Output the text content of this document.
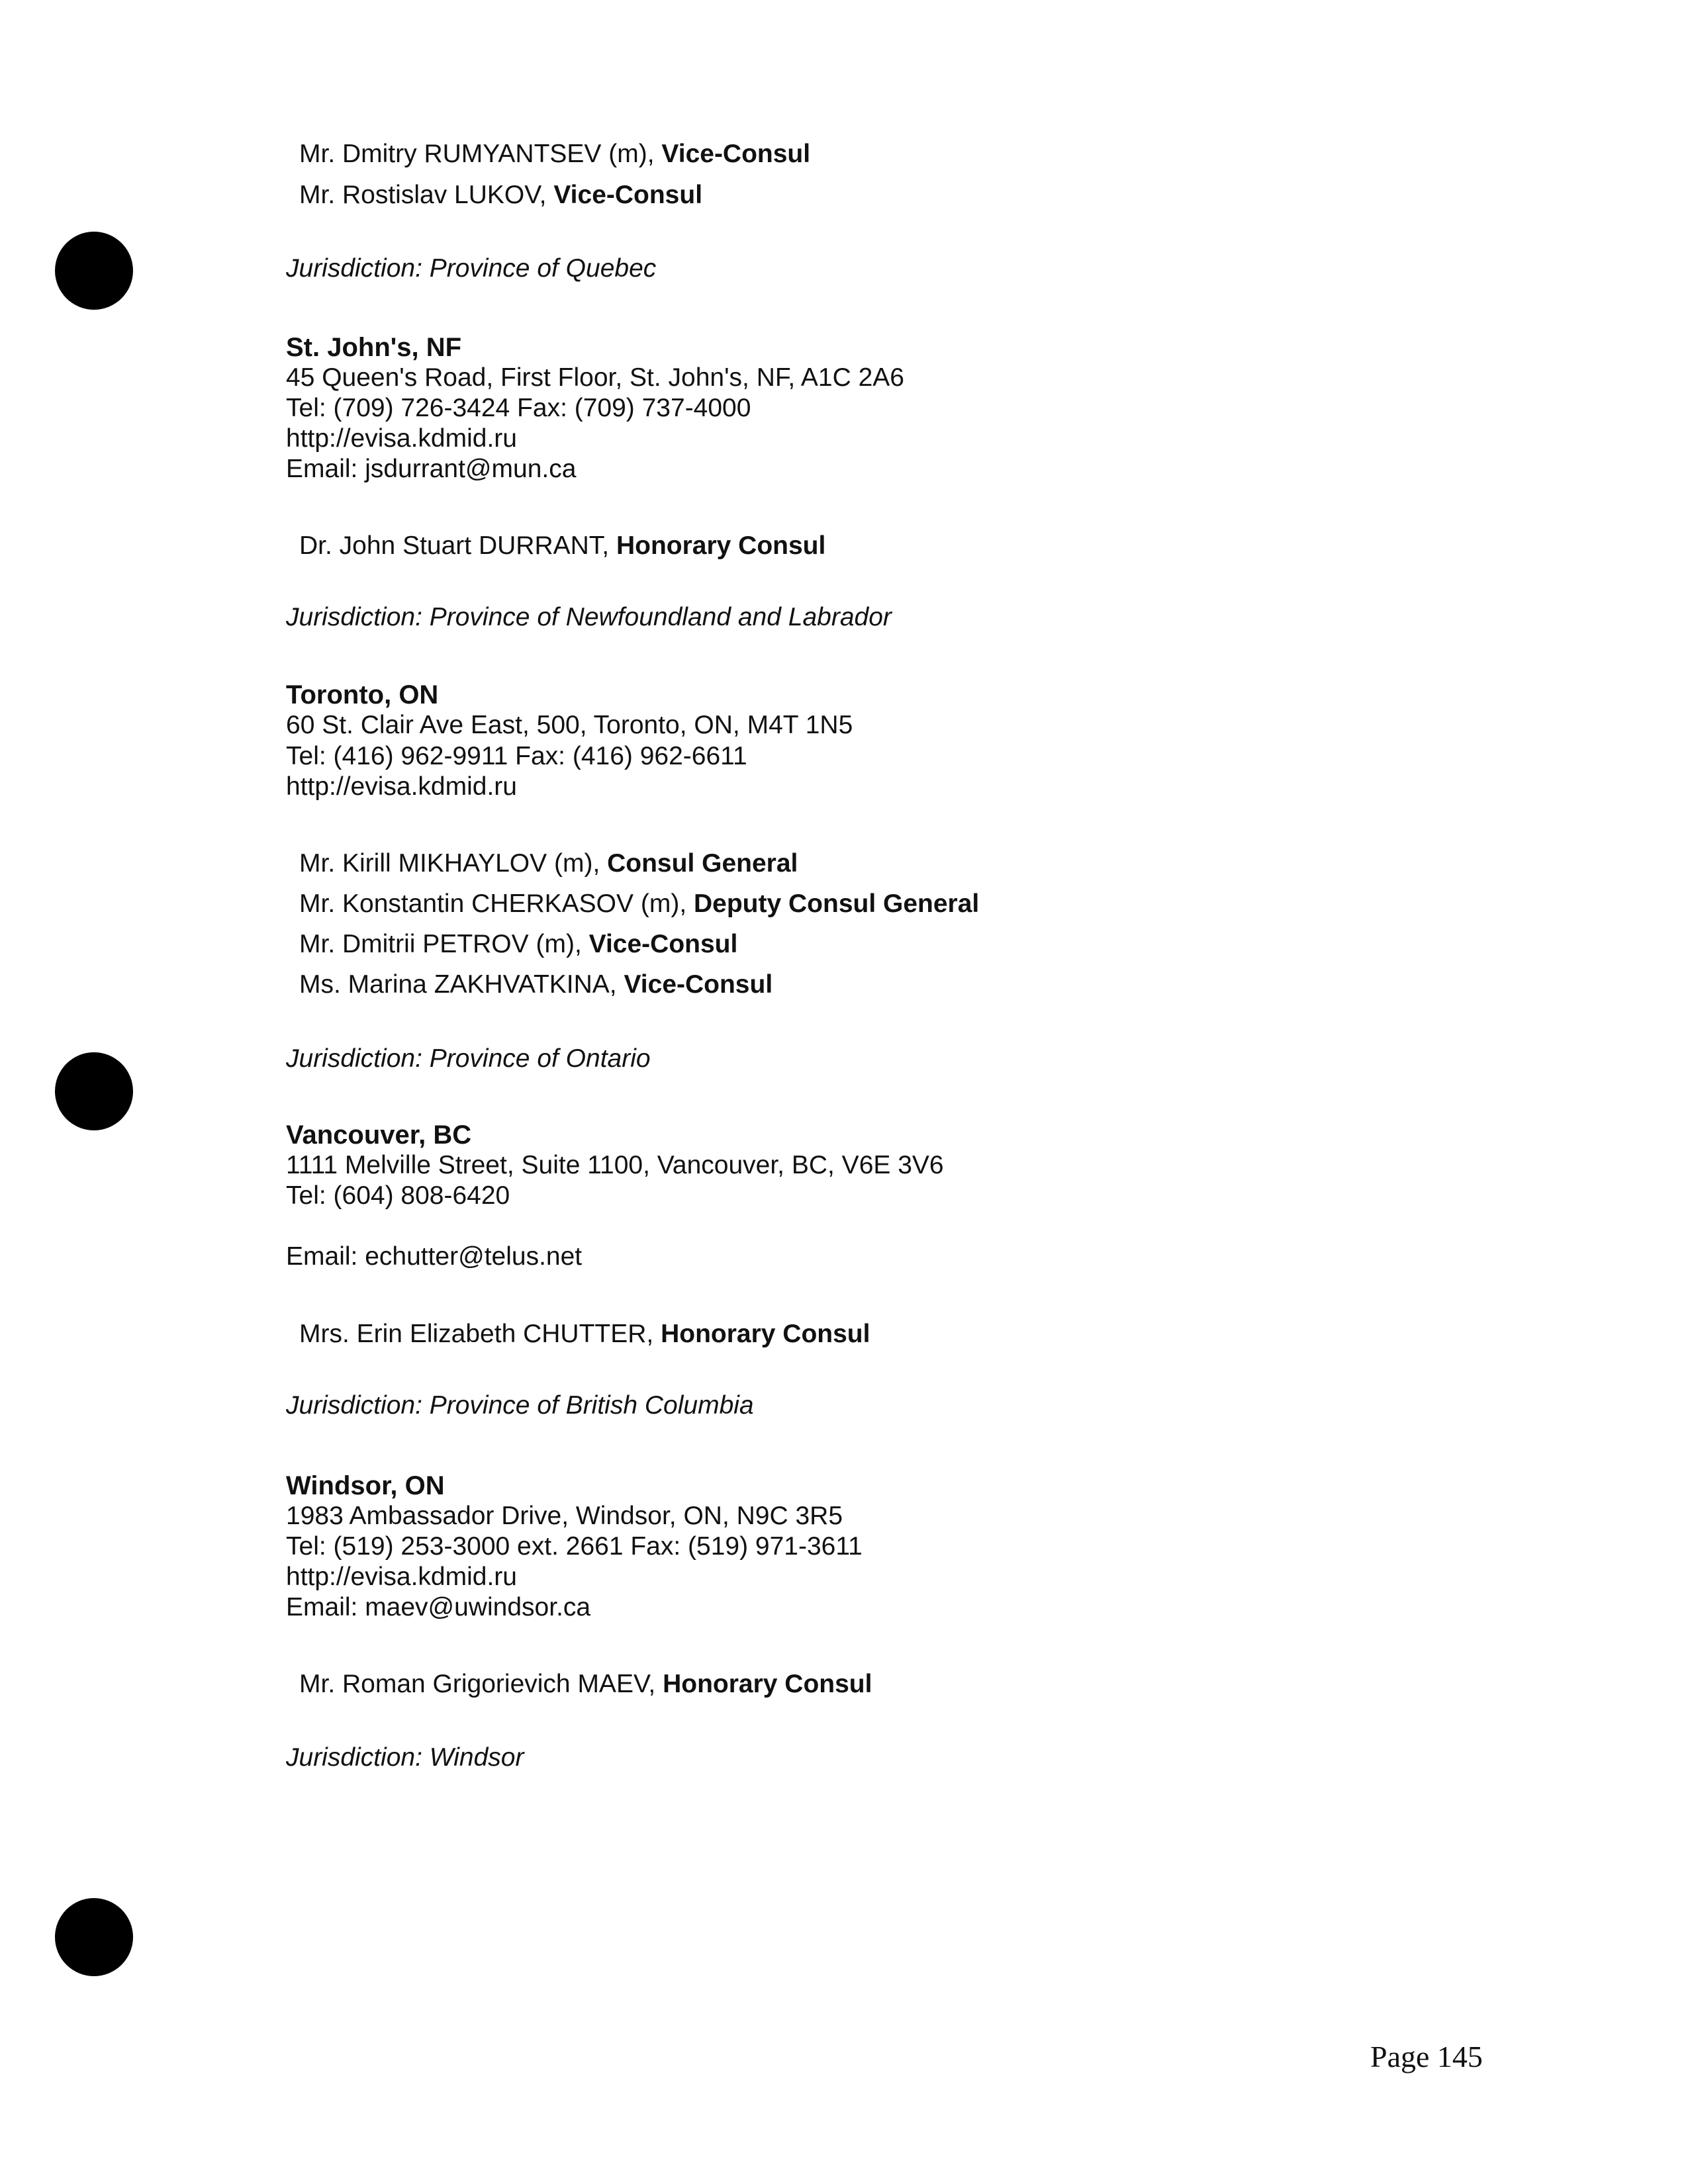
Mr. Dmitry RUMYANTSEV (m), Vice-Consul
Mr. Rostislav LUKOV, Vice-Consul
Jurisdiction: Province of Quebec
St. John's, NF
45 Queen's Road, First Floor, St. John's, NF, A1C 2A6
Tel: (709) 726-3424 Fax: (709) 737-4000
http://evisa.kdmid.ru
Email: jsdurrant@mun.ca
Dr. John Stuart DURRANT, Honorary Consul
Jurisdiction: Province of Newfoundland and Labrador
Toronto, ON
60 St. Clair Ave East, 500, Toronto, ON, M4T 1N5
Tel: (416) 962-9911 Fax: (416) 962-6611
http://evisa.kdmid.ru
Mr. Kirill MIKHAYLOV (m), Consul General
Mr. Konstantin CHERKASOV (m), Deputy Consul General
Mr. Dmitrii PETROV (m), Vice-Consul
Ms. Marina ZAKHVATKINA, Vice-Consul
Jurisdiction: Province of Ontario
Vancouver, BC
1111 Melville Street, Suite 1100, Vancouver, BC, V6E 3V6
Tel: (604) 808-6420
Email: echutter@telus.net
Mrs. Erin Elizabeth CHUTTER, Honorary Consul
Jurisdiction: Province of British Columbia
Windsor, ON
1983 Ambassador Drive, Windsor, ON, N9C 3R5
Tel: (519) 253-3000 ext. 2661 Fax: (519) 971-3611
http://evisa.kdmid.ru
Email: maev@uwindsor.ca
Mr. Roman Grigorievich MAEV, Honorary Consul
Jurisdiction: Windsor
Page 145
